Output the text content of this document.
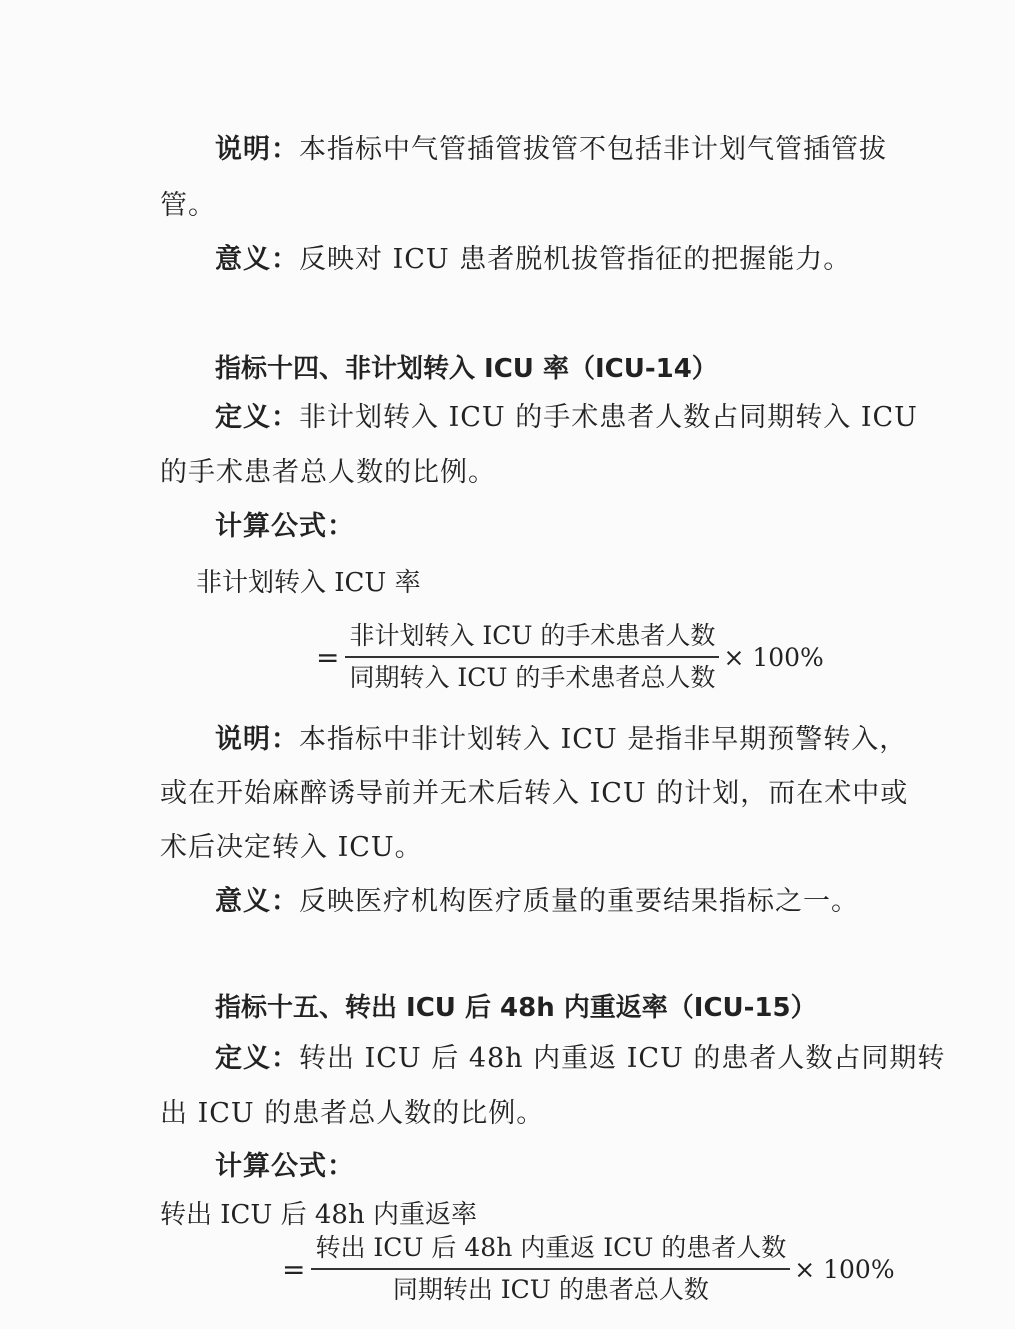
说明：本指标中气管插管拔管不包括非计划气管插管拔
管。
意义：反映对 ICU 患者脱机拔管指征的把握能力。
指标十四、非计划转入 ICU 率（ICU-14）
定义：非计划转入 ICU 的手术患者人数占同期转入 ICU
的手术患者总人数的比例。
计算公式：
非计划转入 ICU 率
= $\frac{\text{非计划转入 ICU 的手术患者人数}}{\text{同期转入 ICU 的手术患者总人数}} \times 100\%$
说明：本指标中非计划转入 ICU 是指非早期预警转入，
或在开始麻醉诱导前并无术后转入 ICU 的计划，而在术中或
术后决定转入 ICU。
意义：反映医疗机构医疗质量的重要结果指标之一。
指标十五、转出 ICU 后 48h 内重返率（ICU-15）
定义：转出 ICU 后 48h 内重返 ICU 的患者人数占同期转
出 ICU 的患者总人数的比例。
计算公式：
转出 ICU 后 48h 内重返率
= $\frac{\text{转出 ICU 后 48h 内重返 ICU 的患者人数}}{\text{同期转出 ICU 的患者总人数}} \times 100\%$
